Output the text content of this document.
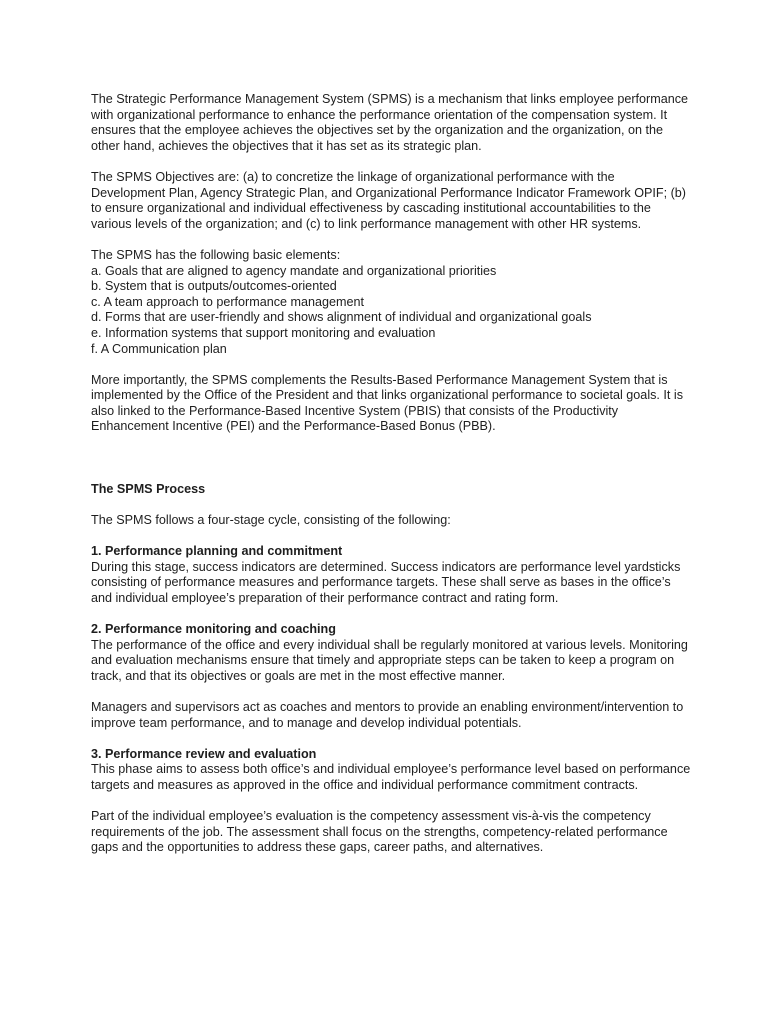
The Strategic Performance Management System (SPMS) is a mechanism that links employee performance with organizational performance to enhance the performance orientation of the compensation system. It ensures that the employee achieves the objectives set by the organization and the organization, on the other hand, achieves the objectives that it has set as its strategic plan.

The SPMS Objectives are: (a) to concretize the linkage of organizational performance with the Development Plan, Agency Strategic Plan, and Organizational Performance Indicator Framework OPIF; (b) to ensure organizational and individual effectiveness by cascading institutional accountabilities to the various levels of the organization; and (c) to link performance management with other HR systems.

The SPMS has the following basic elements:
a. Goals that are aligned to agency mandate and organizational priorities
b. System that is outputs/outcomes-oriented
c. A team approach to performance management
d. Forms that are user-friendly and shows alignment of individual and organizational goals
e. Information systems that support monitoring and evaluation
f. A Communication plan

More importantly, the SPMS complements the Results-Based Performance Management System that is implemented by the Office of the President and that links organizational performance to societal goals. It is also linked to the Performance-Based Incentive System (PBIS) that consists of the Productivity Enhancement Incentive (PEI) and the Performance-Based Bonus (PBB).

The SPMS Process

The SPMS follows a four-stage cycle, consisting of the following:

1. Performance planning and commitment
During this stage, success indicators are determined. Success indicators are performance level yardsticks consisting of performance measures and performance targets. These shall serve as bases in the office’s and individual employee’s preparation of their performance contract and rating form.

2. Performance monitoring and coaching
The performance of the office and every individual shall be regularly monitored at various levels. Monitoring and evaluation mechanisms ensure that timely and appropriate steps can be taken to keep a program on track, and that its objectives or goals are met in the most effective manner.

Managers and supervisors act as coaches and mentors to provide an enabling environment/intervention to improve team performance, and to manage and develop individual potentials.

3. Performance review and evaluation
This phase aims to assess both office’s and individual employee’s performance level based on performance targets and measures as approved in the office and individual performance commitment contracts.

Part of the individual employee’s evaluation is the competency assessment vis-à-vis the competency requirements of the job. The assessment shall focus on the strengths, competency-related performance gaps and the opportunities to address these gaps, career paths, and alternatives.
